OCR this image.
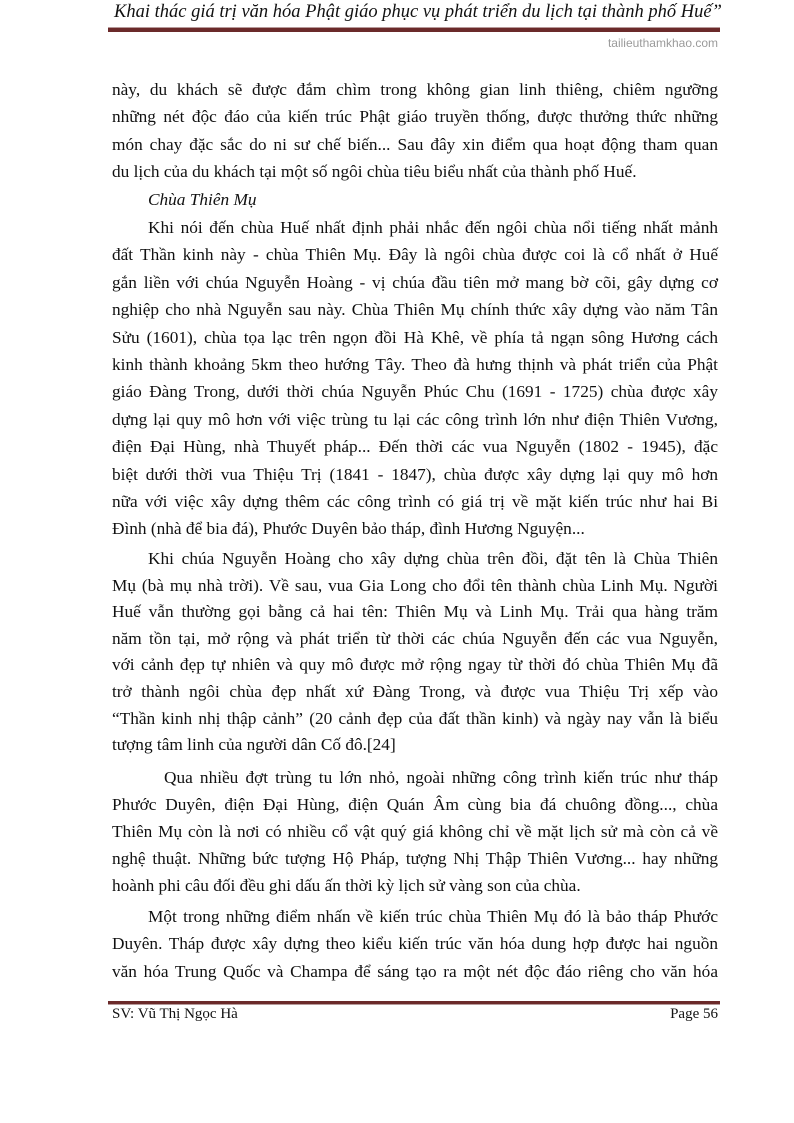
Khai thác giá trị văn hóa Phật giáo phục vụ phát triển du lịch tại thành phố Huế”
tailieuthamkhao.com
này, du khách sẽ được đắm chìm trong không gian linh thiêng, chiêm ngưỡng
những nét độc đáo của kiến trúc Phật giáo truyền thống, được thưởng thức những
món chay đặc sắc do ni sư chế biến... Sau đây xin điểm qua hoạt động tham quan
du lịch của du khách tại một số ngôi chùa tiêu biểu nhất của thành phố Huế.
Chùa Thiên Mụ
Khi nói đến chùa Huế nhất định phải nhắc đến ngôi chùa nổi tiếng nhất mảnh
đất Thần kinh này - chùa Thiên Mụ. Đây là ngôi chùa được coi là cổ nhất ở Huế
gắn liền với chúa Nguyễn Hoàng - vị chúa đầu tiên mở mang bờ cõi, gây dựng cơ
nghiệp cho nhà Nguyễn sau này. Chùa Thiên Mụ chính thức xây dựng vào năm Tân
Sửu (1601), chùa tọa lạc trên ngọn đồi Hà Khê, về phía tả ngạn sông Hương cách
kinh thành khoảng 5km theo hướng Tây. Theo đà hưng thịnh và phát triển của Phật
giáo Đàng Trong, dưới thời chúa Nguyễn Phúc Chu (1691 - 1725) chùa được xây
dựng lại quy mô hơn với việc trùng tu lại các công trình lớn như điện Thiên Vương,
điện Đại Hùng, nhà Thuyết pháp... Đến thời các vua Nguyễn (1802 - 1945), đặc
biệt dưới thời vua Thiệu Trị (1841 - 1847), chùa được xây dựng lại quy mô hơn
nữa với việc xây dựng thêm các công trình có giá trị về mặt kiến trúc như hai Bi
Đình (nhà để bia đá), Phước Duyên bảo tháp, đình Hương Nguyện...
Khi chúa Nguyễn Hoàng cho xây dựng chùa trên đồi, đặt tên là Chùa Thiên
Mụ (bà mụ nhà trời). Về sau, vua Gia Long cho đổi tên thành chùa Linh Mụ. Người
Huế vẫn thường gọi bằng cả hai tên: Thiên Mụ và Linh Mụ. Trải qua hàng trăm
năm tồn tại, mở rộng và phát triển từ thời các chúa Nguyễn đến các vua Nguyễn,
với cảnh đẹp tự nhiên và quy mô được mở rộng ngay từ thời đó chùa Thiên Mụ đã
trở thành ngôi chùa đẹp nhất xứ Đàng Trong, và được vua Thiệu Trị xếp vào
“Thần kinh nhị thập cảnh” (20 cảnh đẹp của đất thần kinh) và ngày nay vẫn là biểu
tượng tâm linh của người dân Cố đô.[24]
Qua nhiều đợt trùng tu lớn nhỏ, ngoài những công trình kiến trúc như tháp
Phước Duyên, điện Đại Hùng, điện Quán Âm cùng bia đá chuông đồng..., chùa
Thiên Mụ còn là nơi có nhiều cổ vật quý giá không chỉ về mặt lịch sử mà còn cả về
nghệ thuật. Những bức tượng Hộ Pháp, tượng Nhị Thập Thiên Vương... hay những
hoành phi câu đối đều ghi dấu ấn thời kỳ lịch sử vàng son của chùa.
Một trong những điểm nhấn về kiến trúc chùa Thiên Mụ đó là bảo tháp Phước
Duyên. Tháp được xây dựng theo kiểu kiến trúc văn hóa dung hợp được hai nguồn
văn hóa Trung Quốc và Champa để sáng tạo ra một nét độc đáo riêng cho văn hóa
SV: Vũ Thị Ngọc Hà	Page 56
